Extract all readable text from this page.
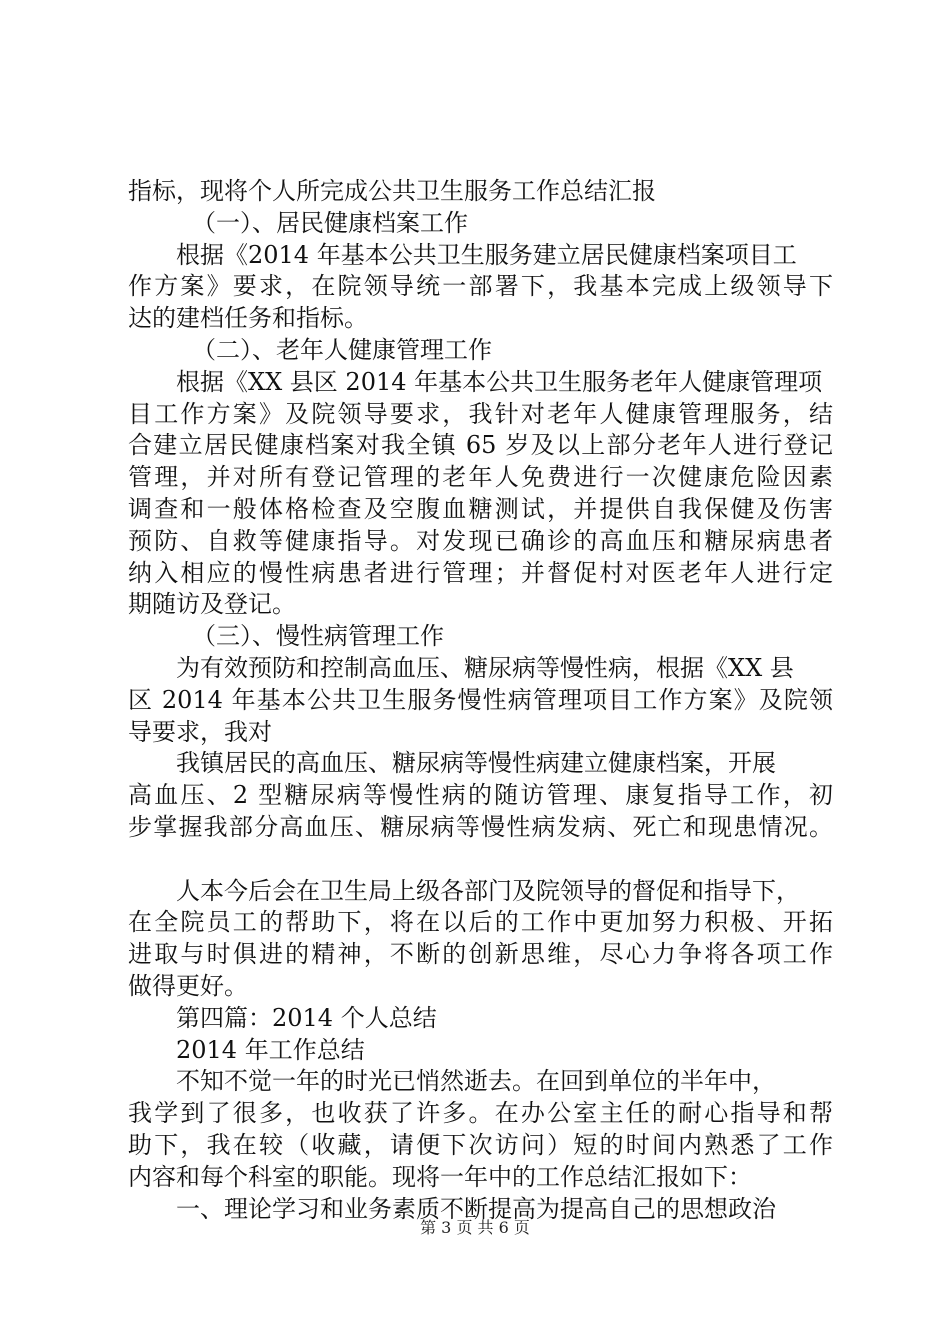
指标，现将个人所完成公共卫生服务工作总结汇报
（一）、居民健康档案工作
根据《2014 年基本公共卫生服务建立居民健康档案项目工
作方案》要求，在院领导统一部署下，我基本完成上级领导下
达的建档任务和指标。
（二）、老年人健康管理工作
根据《XX 县区 2014 年基本公共卫生服务老年人健康管理项
目工作方案》及院领导要求，我针对老年人健康管理服务，结
合建立居民健康档案对我全镇 65 岁及以上部分老年人进行登记
管理，并对所有登记管理的老年人免费进行一次健康危险因素
调查和一般体格检查及空腹血糖测试，并提供自我保健及伤害
预防、自救等健康指导。对发现已确诊的高血压和糖尿病患者
纳入相应的慢性病患者进行管理；并督促村对医老年人进行定
期随访及登记。
（三）、慢性病管理工作
为有效预防和控制高血压、糖尿病等慢性病，根据《XX 县
区 2014 年基本公共卫生服务慢性病管理项目工作方案》及院领
导要求，我对
我镇居民的高血压、糖尿病等慢性病建立健康档案，开展
高血压、2 型糖尿病等慢性病的随访管理、康复指导工作，初
步掌握我部分高血压、糖尿病等慢性病发病、死亡和现患情况。
人本今后会在卫生局上级各部门及院领导的督促和指导下，
在全院员工的帮助下，将在以后的工作中更加努力积极、开拓
进取与时俱进的精神，不断的创新思维，尽心力争将各项工作
做得更好。
第四篇：2014 个人总结
2014 年工作总结
不知不觉一年的时光已悄然逝去。在回到单位的半年中，
我学到了很多，也收获了许多。在办公室主任的耐心指导和帮
助下，我在较（收藏，请便下次访问）短的时间内熟悉了工作
内容和每个科室的职能。现将一年中的工作总结汇报如下：
一、理论学习和业务素质不断提高为提高自己的思想政治
第 3 页 共 6 页
